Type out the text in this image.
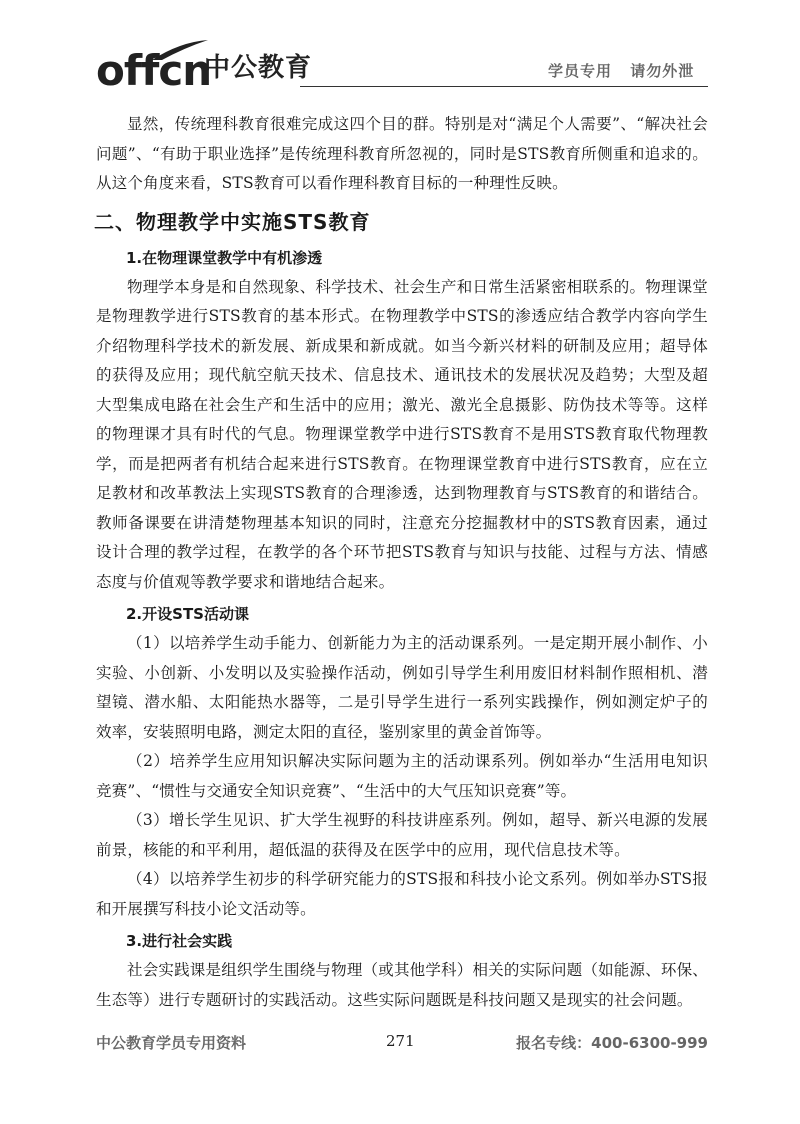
offcn
中公教育	学员专用 请勿外泄

显然，传统理科教育很难完成这四个目的群。特别是对“满足个人需要”、“解决社会问题”、“有助于职业选择”是传统理科教育所忽视的，同时是STS教育所侧重和追求的。从这个角度来看，STS教育可以看作理科教育目标的一种理性反映。

二、物理教学中实施STS教育
1.在物理课堂教学中有机渗透

物理学本身是和自然现象、科学技术、社会生产和日常生活紧密相联系的。物理课堂是物理教学进行STS教育的基本形式。在物理教学中STS的渗透应结合教学内容向学生介绍物理科学技术的新发展、新成果和新成就。如当今新兴材料的研制及应用；超导体的获得及应用；现代航空航天技术、信息技术、通讯技术的发展状况及趋势；大型及超大型集成电路在社会生产和生活中的应用；激光、激光全息摄影、防伪技术等等。这样的物理课才具有时代的气息。物理课堂教学中进行STS教育不是用STS教育取代物理教学，而是把两者有机结合起来进行STS教育。在物理课堂教育中进行STS教育，应在立足教材和改革教法上实现STS教育的合理渗透，达到物理教育与STS教育的和谐结合。教师备课要在讲清楚物理基本知识的同时，注意充分挖掘教材中的STS教育因素，通过设计合理的教学过程，在教学的各个环节把STS教育与知识与技能、过程与方法、情感态度与价值观等教学要求和谐地结合起来。

2.开设STS活动课

（1）以培养学生动手能力、创新能力为主的活动课系列。一是定期开展小制作、小实验、小创新、小发明以及实验操作活动，例如引导学生利用废旧材料制作照相机、潜望镜、潜水船、太阳能热水器等，二是引导学生进行一系列实践操作，例如测定炉子的效率，安装照明电路，测定太阳的直径，鉴别家里的黄金首饰等。

（2）培养学生应用知识解决实际问题为主的活动课系列。例如举办“生活用电知识竞赛”、“惯性与交通安全知识竞赛”、“生活中的大气压知识竞赛”等。

（3）增长学生见识、扩大学生视野的科技讲座系列。例如，超导、新兴电源的发展前景，核能的和平利用，超低温的获得及在医学中的应用，现代信息技术等。

（4）以培养学生初步的科学研究能力的STS报和科技小论文系列。例如举办STS报和开展撰写科技小论文活动等。

3.进行社会实践

社会实践课是组织学生围绕与物理（或其他学科）相关的实际问题（如能源、环保、生态等）进行专题研讨的实践活动。这些实际问题既是科技问题又是现实的社会问题。

中公教育学员专用资料	271	报名专线：400-6300-999
